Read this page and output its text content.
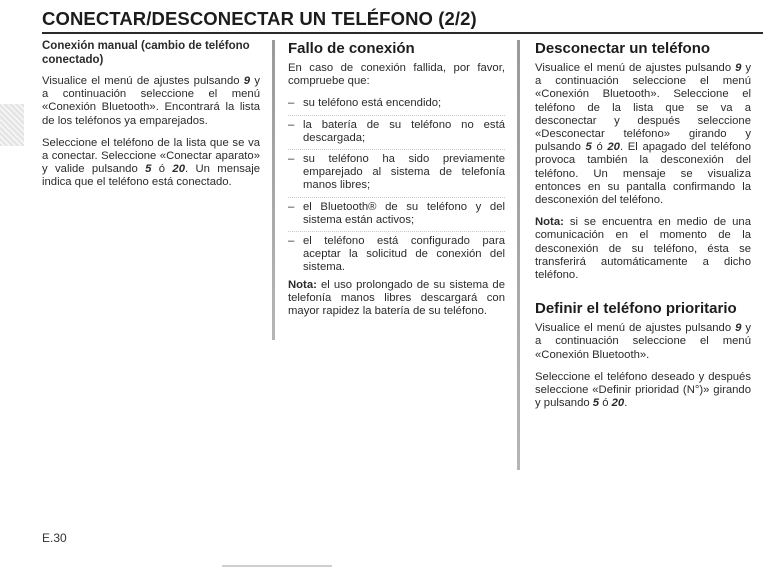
CONECTAR/DESCONECTAR UN TELÉFONO (2/2)
Conexión manual (cambio de teléfono conectado)

Visualice el menú de ajustes pulsando 9 y a continuación seleccione el menú «Conexión Bluetooth». Encontrará la lista de los teléfonos ya emparejados.

Seleccione el teléfono de la lista que se va a conectar. Seleccione «Conectar aparato» y valide pulsando 5 ó 20. Un mensaje indica que el teléfono está conectado.

Fallo de conexión

En caso de conexión fallida, por favor, compruebe que:

– su teléfono está encendido;
– la batería de su teléfono no está descargada;
– su teléfono ha sido previamente emparejado al sistema de telefonía manos libres;
– el Bluetooth® de su teléfono y del sistema están activos;
– el teléfono está configurado para aceptar la solicitud de conexión del sistema.

Nota: el uso prolongado de su sistema de telefonía manos libres descargará con mayor rapidez la batería de su teléfono.

Desconectar un teléfono

Visualice el menú de ajustes pulsando 9 y a continuación seleccione el menú «Conexión Bluetooth». Seleccione el teléfono de la lista que se va a desconectar y después seleccione «Desconectar teléfono» girando y pulsando 5 ó 20. El apagado del teléfono provoca también la desconexión del teléfono. Un mensaje se visualiza entonces en su pantalla confirmando la desconexión del teléfono.

Nota: si se encuentra en medio de una comunicación en el momento de la desconexión de su teléfono, ésta se transferirá automáticamente a dicho teléfono.

Definir el teléfono prioritario

Visualice el menú de ajustes pulsando 9 y a continuación seleccione el menú «Conexión Bluetooth».

Seleccione el teléfono deseado y después seleccione «Definir prioridad (N°)» girando y pulsando 5 ó 20.

E.30
